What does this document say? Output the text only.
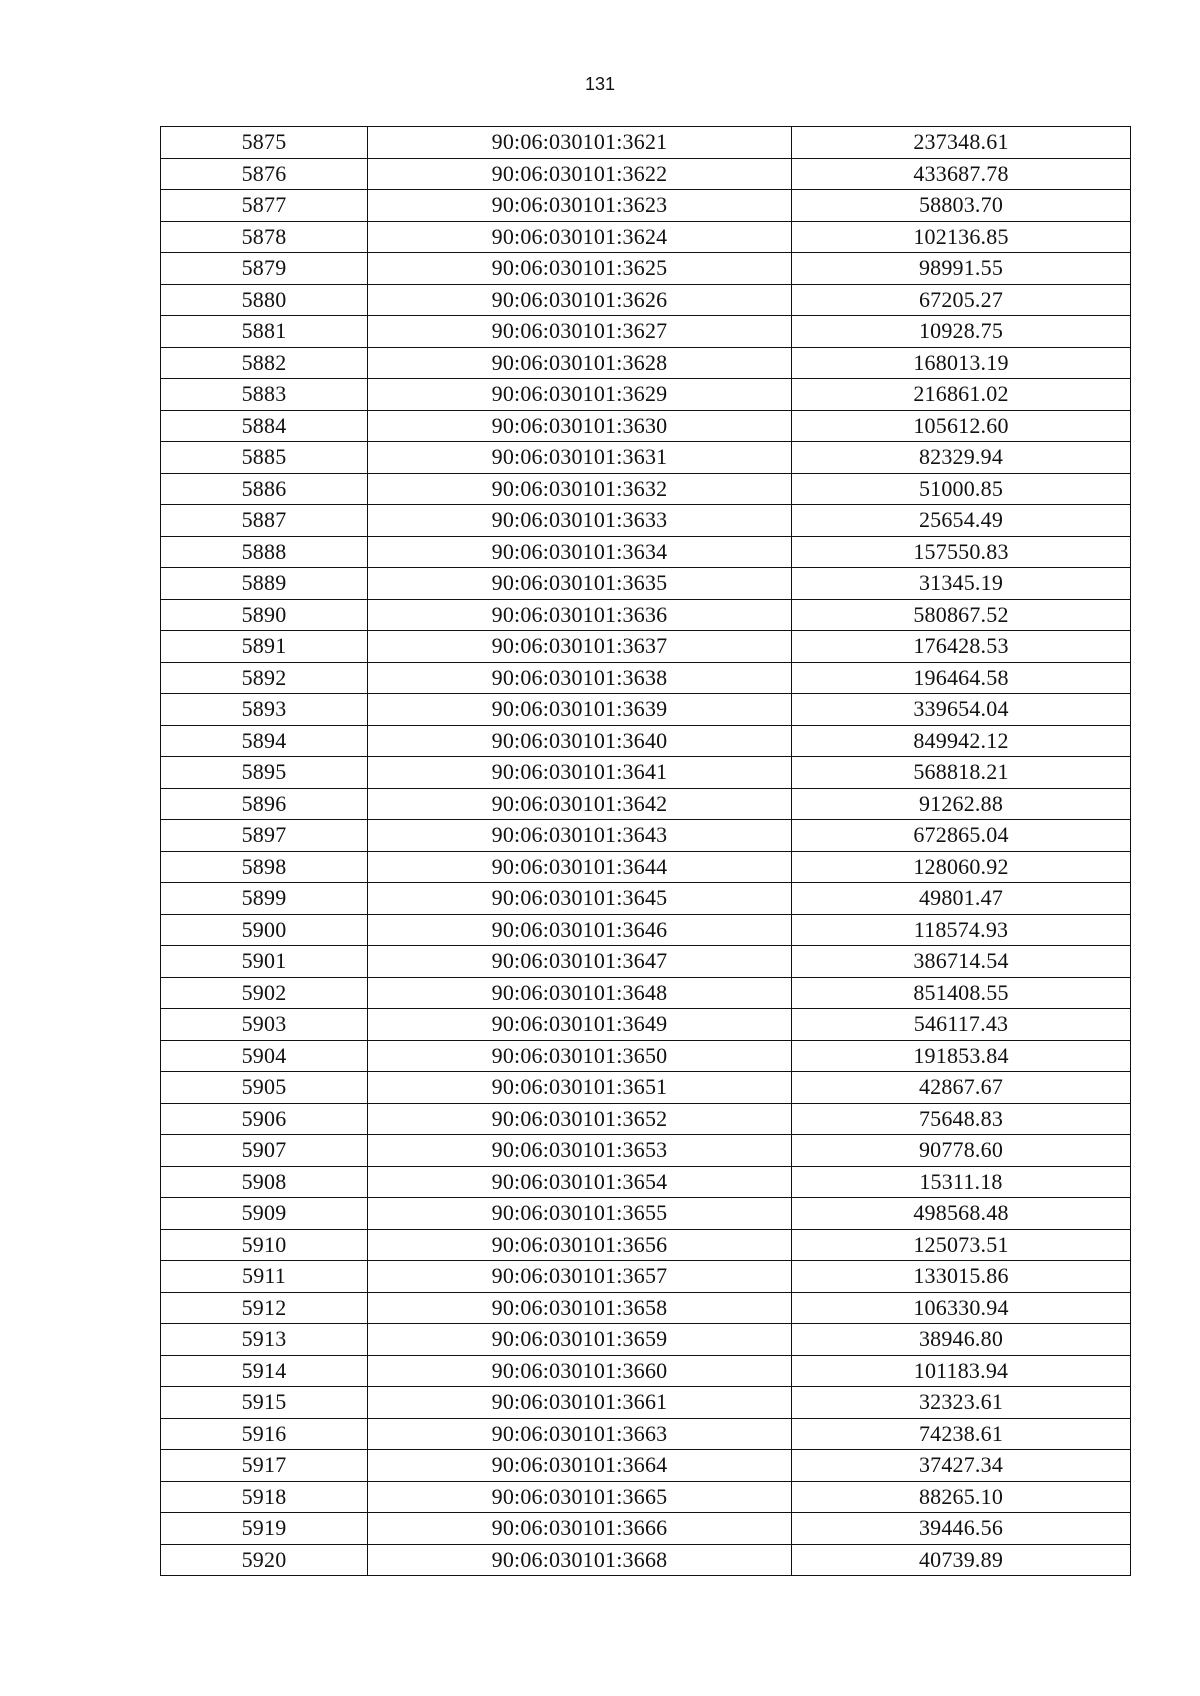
131
5875	90:06:030101:3621	237348.61
5876	90:06:030101:3622	433687.78
5877	90:06:030101:3623	58803.70
5878	90:06:030101:3624	102136.85
5879	90:06:030101:3625	98991.55
5880	90:06:030101:3626	67205.27
5881	90:06:030101:3627	10928.75
5882	90:06:030101:3628	168013.19
5883	90:06:030101:3629	216861.02
5884	90:06:030101:3630	105612.60
5885	90:06:030101:3631	82329.94
5886	90:06:030101:3632	51000.85
5887	90:06:030101:3633	25654.49
5888	90:06:030101:3634	157550.83
5889	90:06:030101:3635	31345.19
5890	90:06:030101:3636	580867.52
5891	90:06:030101:3637	176428.53
5892	90:06:030101:3638	196464.58
5893	90:06:030101:3639	339654.04
5894	90:06:030101:3640	849942.12
5895	90:06:030101:3641	568818.21
5896	90:06:030101:3642	91262.88
5897	90:06:030101:3643	672865.04
5898	90:06:030101:3644	128060.92
5899	90:06:030101:3645	49801.47
5900	90:06:030101:3646	118574.93
5901	90:06:030101:3647	386714.54
5902	90:06:030101:3648	851408.55
5903	90:06:030101:3649	546117.43
5904	90:06:030101:3650	191853.84
5905	90:06:030101:3651	42867.67
5906	90:06:030101:3652	75648.83
5907	90:06:030101:3653	90778.60
5908	90:06:030101:3654	15311.18
5909	90:06:030101:3655	498568.48
5910	90:06:030101:3656	125073.51
5911	90:06:030101:3657	133015.86
5912	90:06:030101:3658	106330.94
5913	90:06:030101:3659	38946.80
5914	90:06:030101:3660	101183.94
5915	90:06:030101:3661	32323.61
5916	90:06:030101:3663	74238.61
5917	90:06:030101:3664	37427.34
5918	90:06:030101:3665	88265.10
5919	90:06:030101:3666	39446.56
5920	90:06:030101:3668	40739.89
